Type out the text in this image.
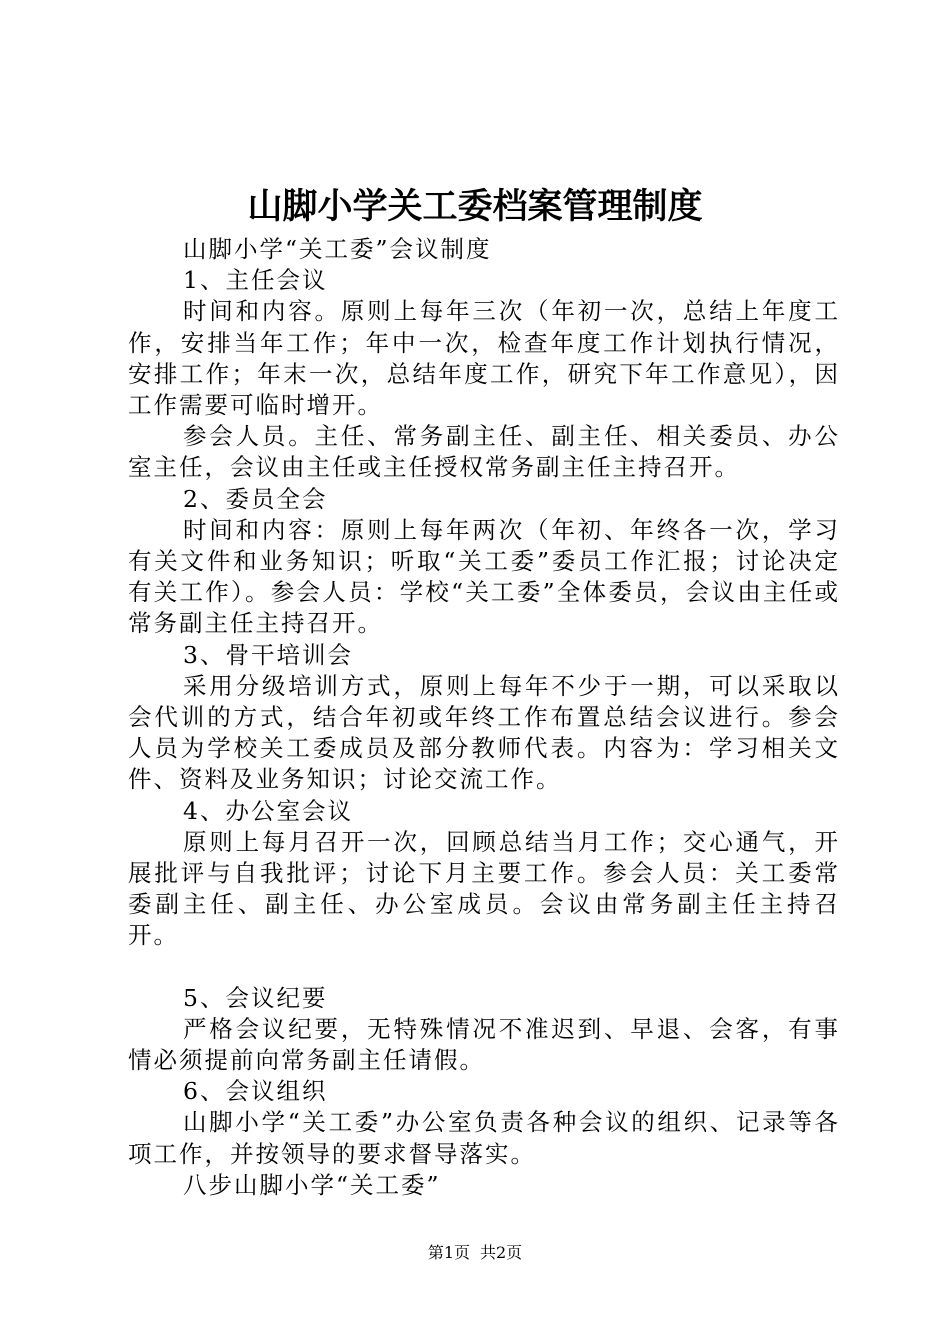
山脚小学关工委档案管理制度

山脚小学“关工委”会议制度

1、主任会议

时间和内容。原则上每年三次（年初一次，总结上年度工作，安排当年工作；年中一次，检查年度工作计划执行情况，安排工作；年末一次，总结年度工作，研究下年工作意见），因工作需要可临时增开。

参会人员。主任、常务副主任、副主任、相关委员、办公室主任，会议由主任或主任授权常务副主任主持召开。

2、委员全会

时间和内容：原则上每年两次（年初、年终各一次，学习有关文件和业务知识；听取“关工委”委员工作汇报；讨论决定有关工作）。参会人员：学校“关工委”全体委员，会议由主任或常务副主任主持召开。

3、骨干培训会

采用分级培训方式，原则上每年不少于一期，可以采取以会代训的方式，结合年初或年终工作布置总结会议进行。参会人员为学校关工委成员及部分教师代表。内容为：学习相关文件、资料及业务知识；讨论交流工作。

4、办公室会议

原则上每月召开一次，回顾总结当月工作；交心通气，开展批评与自我批评；讨论下月主要工作。参会人员：关工委常委副主任、副主任、办公室成员。会议由常务副主任主持召开。

5、会议纪要

严格会议纪要，无特殊情况不准迟到、早退、会客，有事情必须提前向常务副主任请假。

6、会议组织

山脚小学“关工委”办公室负责各种会议的组织、记录等各项工作，并按领导的要求督导落实。

八步山脚小学“关工委”

第1页 共2页
